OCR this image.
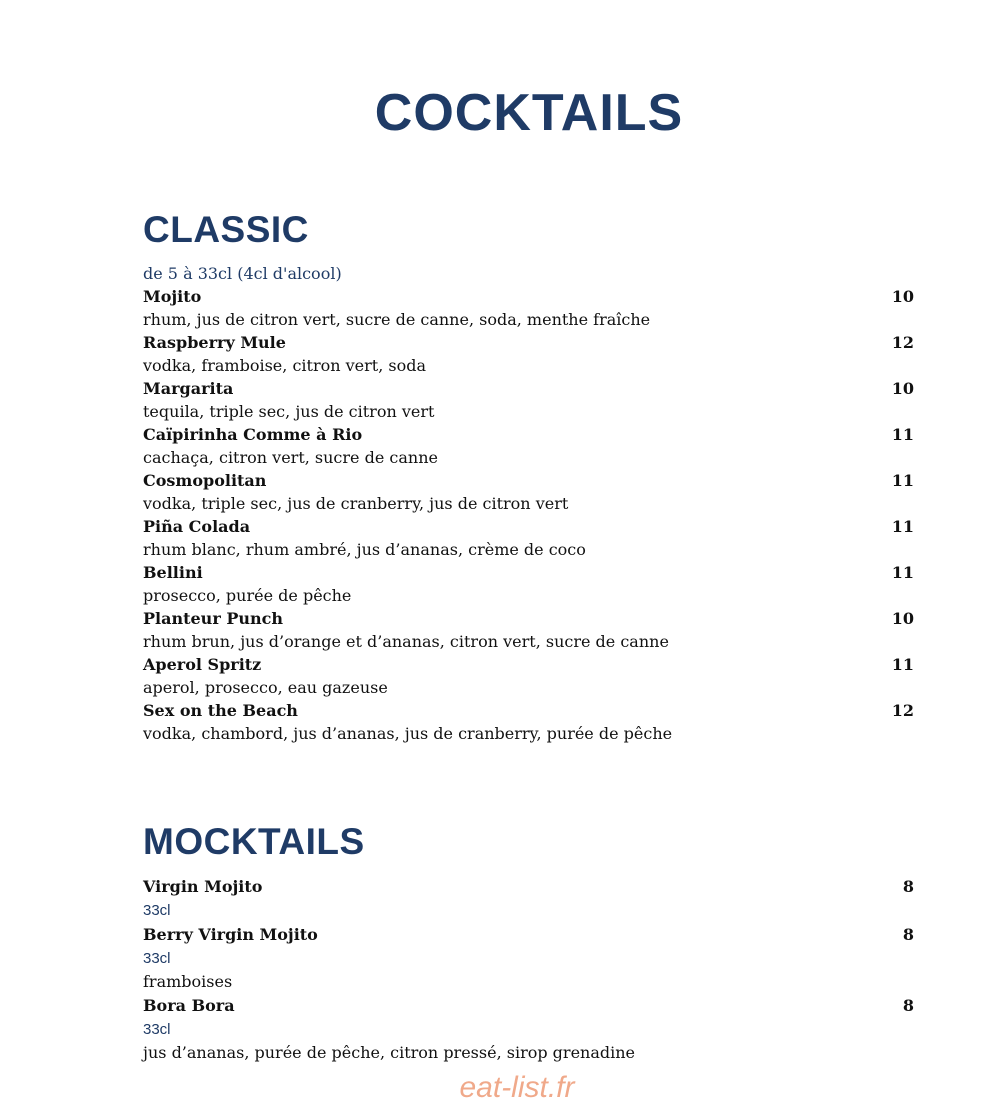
COCKTAILS
CLASSIC
de 5 à 33cl (4cl d'alcool)
Mojito	10
rhum, jus de citron vert, sucre de canne, soda, menthe fraîche
Raspberry Mule	12
vodka, framboise, citron vert, soda
Margarita	10
tequila, triple sec, jus de citron vert
Caïpirinha Comme à Rio	11
cachaça, citron vert, sucre de canne
Cosmopolitan	11
vodka, triple sec, jus de cranberry, jus de citron vert
Piña Colada	11
rhum blanc, rhum ambré, jus d’ananas, crème de coco
Bellini	11
prosecco, purée de pêche
Planteur Punch	10
rhum brun, jus d’orange et d’ananas, citron vert, sucre de canne
Aperol Spritz	11
aperol, prosecco, eau gazeuse
Sex on the Beach	12
vodka, chambord, jus d’ananas, jus de cranberry, purée de pêche
MOCKTAILS
Virgin Mojito	8
33cl
Berry Virgin Mojito	8
33cl
framboises
Bora Bora	8
33cl
jus d’ananas, purée de pêche, citron pressé, sirop grenadine
eat-list.fr
